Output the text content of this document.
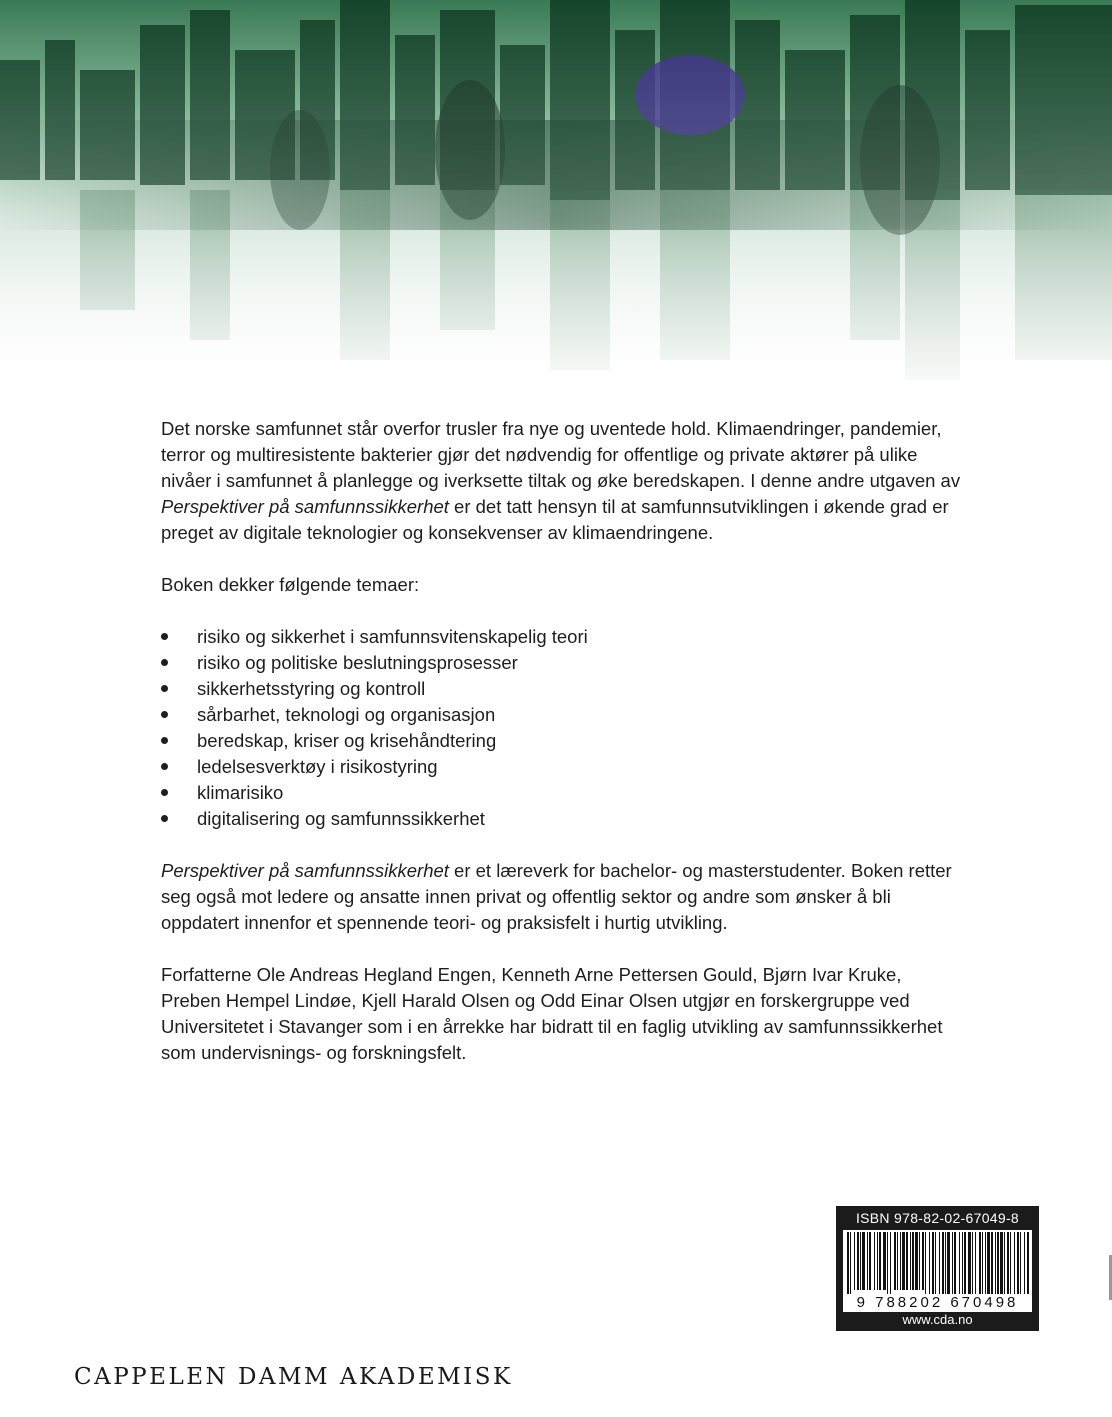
Det norske samfunnet står overfor trusler fra nye og uventede hold. Klimaendringer, pandemier, terror og multiresistente bakterier gjør det nødvendig for offentlige og private aktører på ulike nivåer i samfunnet å planlegge og iverksette tiltak og øke beredskapen. I denne andre utgaven av Perspektiver på samfunnssikkerhet er det tatt hensyn til at samfunnsutviklingen i økende grad er preget av digitale teknologier og konsekvenser av klimaendringene.

Boken dekker følgende temaer:

risiko og sikkerhet i samfunnsvitenskapelig teori
risiko og politiske beslutningsprosesser
sikkerhetsstyring og kontroll
sårbarhet, teknologi og organisasjon
beredskap, kriser og krisehåndtering
ledelsesverktøy i risikostyring
klimarisiko
digitalisering og samfunnssikkerhet

Perspektiver på samfunnssikkerhet er et læreverk for bachelor- og masterstudenter. Boken retter seg også mot ledere og ansatte innen privat og offentlig sektor og andre som ønsker å bli oppdatert innenfor et spennende teori- og praksisfelt i hurtig utvikling.

Forfatterne Ole Andreas Hegland Engen, Kenneth Arne Pettersen Gould, Bjørn Ivar Kruke, Preben Hempel Lindøe, Kjell Harald Olsen og Odd Einar Olsen utgjør en forskergruppe ved Universitetet i Stavanger som i en årrekke har bidratt til en faglig utvikling av samfunnssikkerhet som undervisnings- og forskningsfelt.

ISBN 978-82-02-67049-8
9 788202 670498
www.cda.no
CAPPELEN DAMM AKADEMISK
